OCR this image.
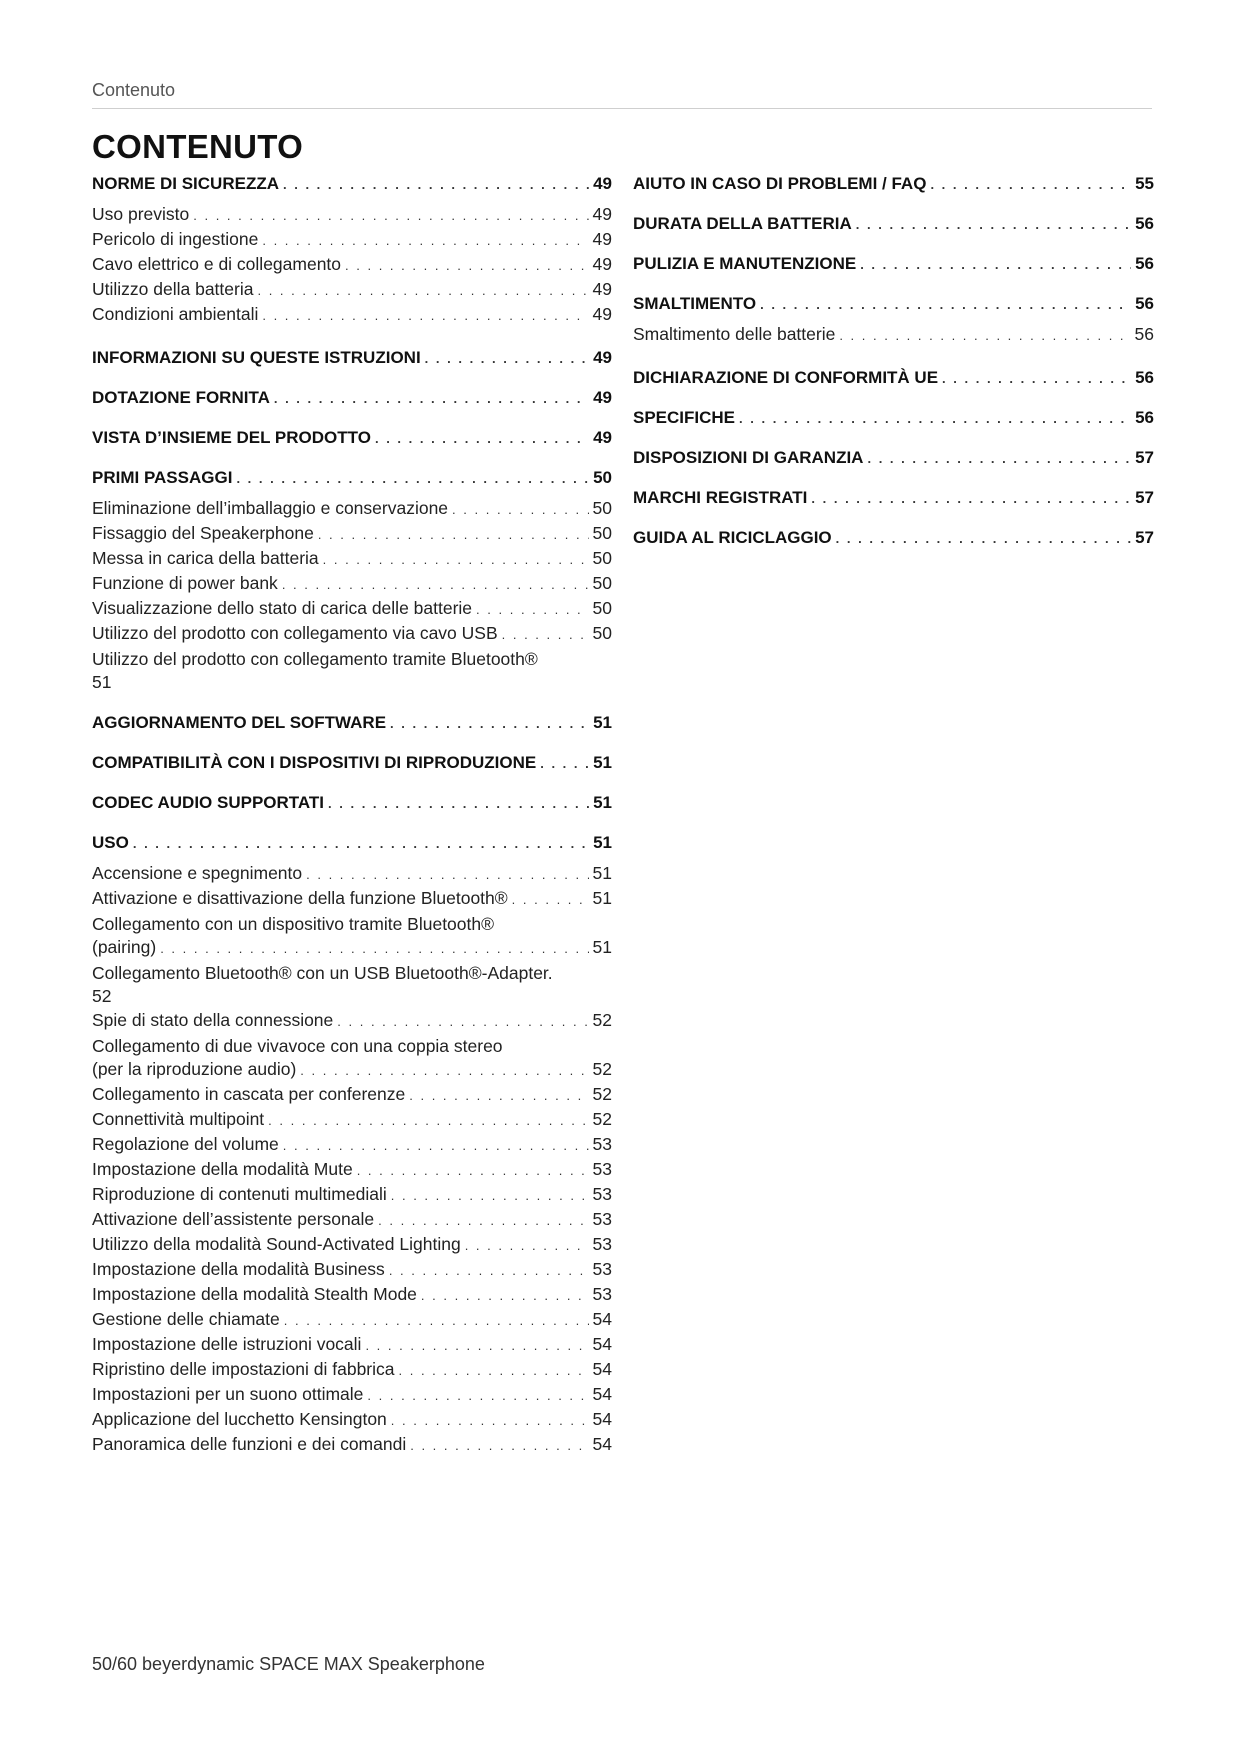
Contenuto
CONTENUTO
NORME DI SICUREZZA . . .	49
Uso previsto . . .	49
Pericolo di ingestione . . .	49
Cavo elettrico e di collegamento . . .	49
Utilizzo della batteria . . .	49
Condizioni ambientali . . .	49
INFORMAZIONI SU QUESTE ISTRUZIONI . . .	49
DOTAZIONE FORNITA . . .	49
VISTA D’INSIEME DEL PRODOTTO . . .	49
PRIMI PASSAGGI . . .	50
Eliminazione dell’imballaggio e conservazione . . .	50
Fissaggio del Speakerphone . . .	50
Messa in carica della batteria . . .	50
Funzione di power bank . . .	50
Visualizzazione dello stato di carica delle batterie . . .	50
Utilizzo del prodotto con collegamento via cavo USB . . .	50
Utilizzo del prodotto con collegamento tramite Bluetooth®
51
AGGIORNAMENTO DEL SOFTWARE . . .	51
COMPATIBILITÀ CON I DISPOSITIVI DI RIPRODUZIONE . . .	51
CODEC AUDIO SUPPORTATI . . .	51
USO . . .	51
Accensione e spegnimento . . .	51
Attivazione e disattivazione della funzione Bluetooth® . . .	51
Collegamento con un dispositivo tramite Bluetooth®
(pairing) . . .	51
Collegamento Bluetooth® con un USB Bluetooth®-Adapter.
52
Spie di stato della connessione . . .	52
Collegamento di due vivavoce con una coppia stereo
(per la riproduzione audio) . . .	52
Collegamento in cascata per conferenze . . .	52
Connettività multipoint . . .	52
Regolazione del volume . . .	53
Impostazione della modalità Mute . . .	53
Riproduzione di contenuti multimediali . . .	53
Attivazione dell’assistente personale . . .	53
Utilizzo della modalità Sound-Activated Lighting . . .	53
Impostazione della modalità Business . . .	53
Impostazione della modalità Stealth Mode . . .	53
Gestione delle chiamate . . .	54
Impostazione delle istruzioni vocali . . .	54
Ripristino delle impostazioni di fabbrica . . .	54
Impostazioni per un suono ottimale . . .	54
Applicazione del lucchetto Kensington . . .	54
Panoramica delle funzioni e dei comandi . . .	54
AIUTO IN CASO DI PROBLEMI / FAQ . . .	55
DURATA DELLA BATTERIA . . .	56
PULIZIA E MANUTENZIONE . . .	56
SMALTIMENTO . . .	56
Smaltimento delle batterie . . .	56
DICHIARAZIONE DI CONFORMITÀ UE . . .	56
SPECIFICHE . . .	56
DISPOSIZIONI DI GARANZIA . . .	57
MARCHI REGISTRATI . . .	57
GUIDA AL RICICLAGGIO . . .	57
50/60 beyerdynamic SPACE MAX Speakerphone
